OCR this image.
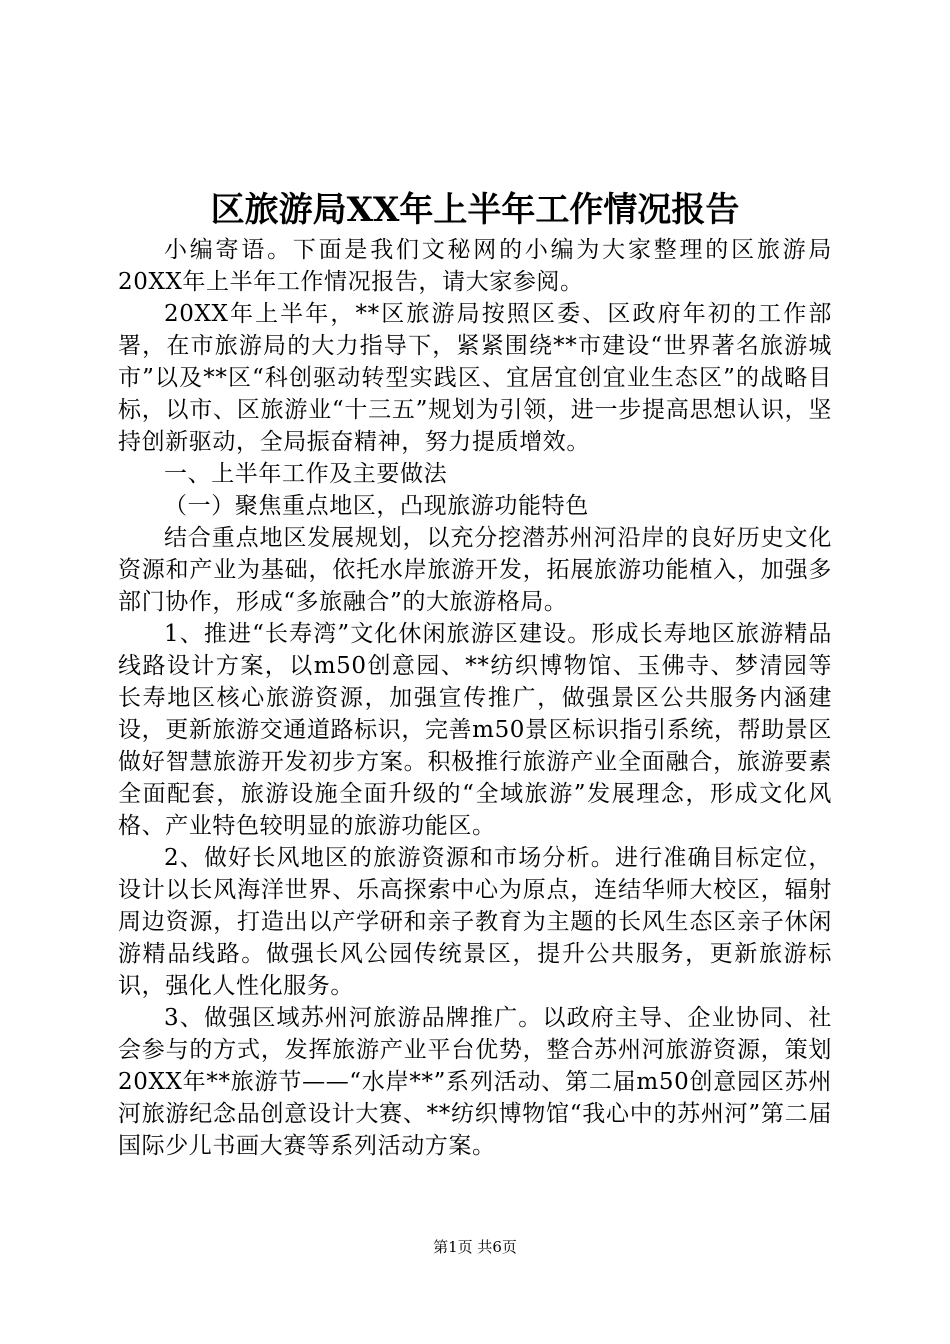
区旅游局XX年上半年工作情况报告

小编寄语。下面是我们文秘网的小编为大家整理的区旅游局20XX年上半年工作情况报告，请大家参阅。

20XX年上半年，**区旅游局按照区委、区政府年初的工作部署，在市旅游局的大力指导下，紧紧围绕**市建设“世界著名旅游城市”以及**区“科创驱动转型实践区、宜居宜创宜业生态区”的战略目标，以市、区旅游业“十三五”规划为引领，进一步提高思想认识，坚持创新驱动，全局振奋精神，努力提质增效。

一、上半年工作及主要做法

（一）聚焦重点地区，凸现旅游功能特色

结合重点地区发展规划，以充分挖潜苏州河沿岸的良好历史文化资源和产业为基础，依托水岸旅游开发，拓展旅游功能植入，加强多部门协作，形成“多旅融合”的大旅游格局。

1、推进“长寿湾”文化休闲旅游区建设。形成长寿地区旅游精品线路设计方案，以m50创意园、**纺织博物馆、玉佛寺、梦清园等长寿地区核心旅游资源，加强宣传推广，做强景区公共服务内涵建设，更新旅游交通道路标识，完善m50景区标识指引系统，帮助景区做好智慧旅游开发初步方案。积极推行旅游产业全面融合，旅游要素全面配套，旅游设施全面升级的“全域旅游”发展理念，形成文化风格、产业特色较明显的旅游功能区。

2、做好长风地区的旅游资源和市场分析。进行准确目标定位，设计以长风海洋世界、乐高探索中心为原点，连结华师大校区，辐射周边资源，打造出以产学研和亲子教育为主题的长风生态区亲子休闲游精品线路。做强长风公园传统景区，提升公共服务，更新旅游标识，强化人性化服务。

3、做强区域苏州河旅游品牌推广。以政府主导、企业协同、社会参与的方式，发挥旅游产业平台优势，整合苏州河旅游资源，策划20XX年**旅游节——“水岸**”系列活动、第二届m50创意园区苏州河旅游纪念品创意设计大赛、**纺织博物馆“我心中的苏州河”第二届国际少儿书画大赛等系列活动方案。

第1页 共6页
